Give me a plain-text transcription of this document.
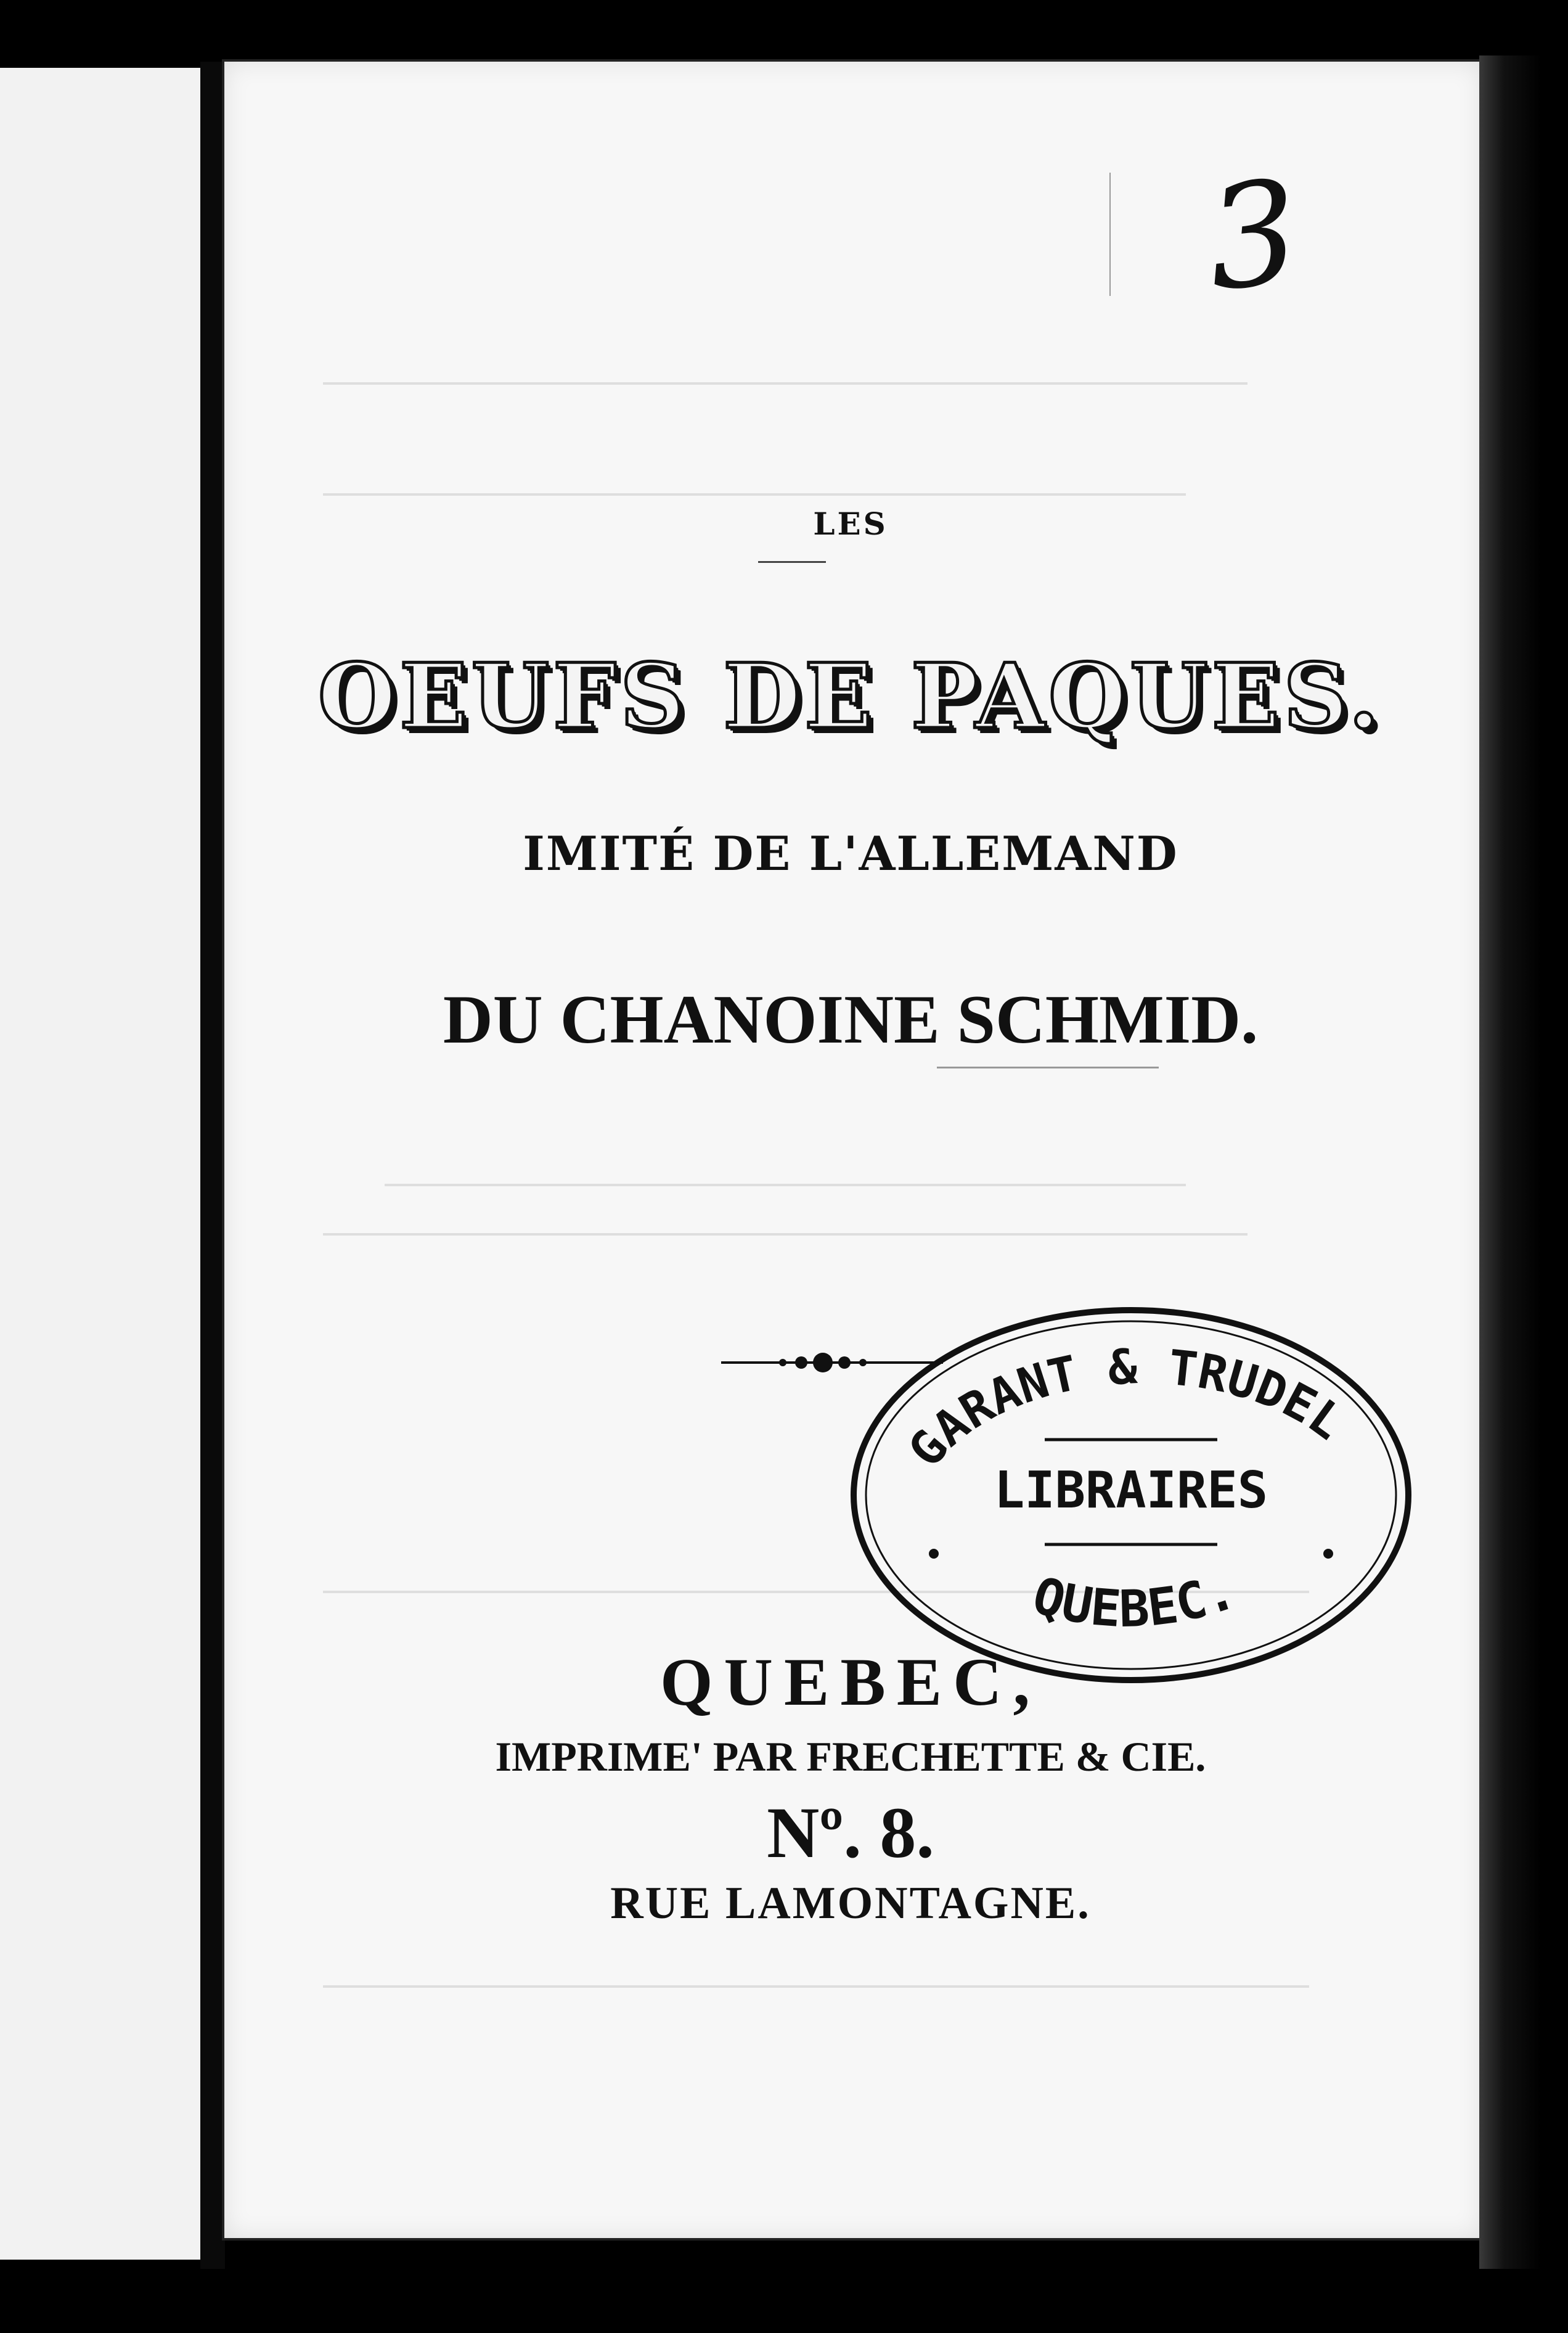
3
LES
OEUFS DE PAQUES.
IMITÉ DE L'ALLEMAND
DU CHANOINE SCHMID.
GARANT & TRUDEL
LIBRAIRES
QUEBEC.
QUEBEC,
IMPRIME' PAR FRECHETTE & CIE.
Nº. 8.
RUE LAMONTAGNE.
